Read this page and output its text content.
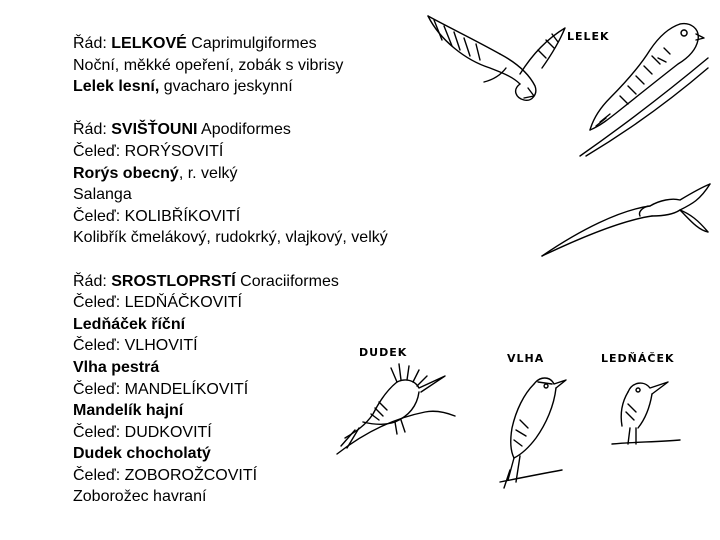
Řád: LELKOVÉ Caprimulgiformes
Noční, měkké opeření, zobák s vibrisy
Lelek lesní, gvacharo jeskynní
Řád: SVIŠŤOUNI Apodiformes
Čeleď: RORÝSOVITÍ
Rorýs obecný, r. velký
Salanga
Čeleď: KOLIBŘÍKOVITÍ
Kolibřík čmelákový, rudokrký, vlajkový, velký
Řád: SROSTLOPRSTÍ Coraciiformes
Čeleď: LEDŇÁČKOVITÍ
Ledňáček říční
Čeleď: VLHOVITÍ
Vlha pestrá
Čeleď: MANDELÍKOVITÍ
Mandelík hajní
Čeleď: DUDKOVITÍ
Dudek chocholatý
Čeleď: ZOBOROŽCOVITÍ
Zoborožec havraní
LELEK
DUDEK	VLHA	LEDŇÁČEK
